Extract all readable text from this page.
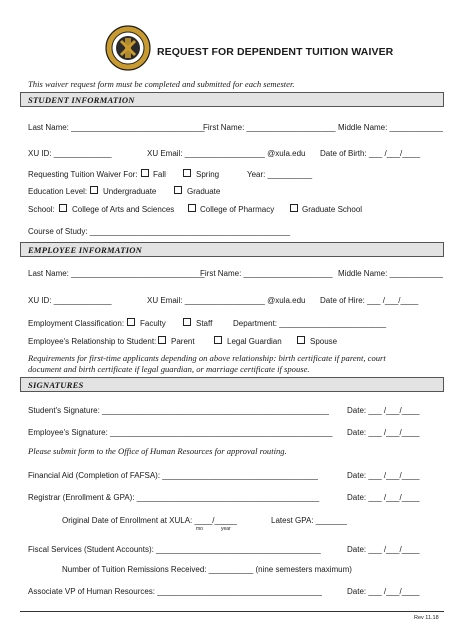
REQUEST FOR DEPENDENT TUITION WAIVER
This waiver request form must be completed and submitted for each semester.
STUDENT INFORMATION
Last Name: ______________________________
First Name: ____________________ Middle Name: ____________
XU ID: _____________	XU Email: __________________ @xula.edu Date of Birth: ___ /___/____
Requesting Tuition Waiver For: Fall	Spring	Year: __________
Education Level: Undergraduate	Graduate
School: College of Arts and Sciences	College of Pharmacy	Graduate School
Course of Study: _____________________________________________
EMPLOYEE INFORMATION
Last Name: ______________________________
First Name: ____________________ Middle Name: ____________
XU ID: _____________	XU Email: __________________ @xula.edu Date of Hire: ___ /___/____
Employment Classification: Faculty	Staff	Department: ________________________
Employee's Relationship to Student: Parent	Legal Guardian	Spouse
Requirements for first-time applicants depending on above relationship: birth certificate if parent, court
document and birth certificate if legal guardian, or marriage certificate if spouse.
SIGNATURES
Student's Signature: ___________________________________________________ Date: ___ /___/____
Employee's Signature: __________________________________________________ Date: ___ /___/____
Please submit form to the Office of Human Resources for approval routing.
Financial Aid (Completion of FAFSA): ___________________________________	Date: ___ /___/____
Registrar (Enrollment & GPA): _________________________________________	Date: ___ /___/____
Original Date of Enrollment at XULA: ____/_____
mo	year
Latest GPA: _______
Fiscal Services (Student Accounts): _____________________________________	Date: ___ /___/____
Number of Tuition Remissions Received: __________ (nine semesters maximum)
Associate VP of Human Resources: _____________________________________	Date: ___ /___/____
Rev 11.18
